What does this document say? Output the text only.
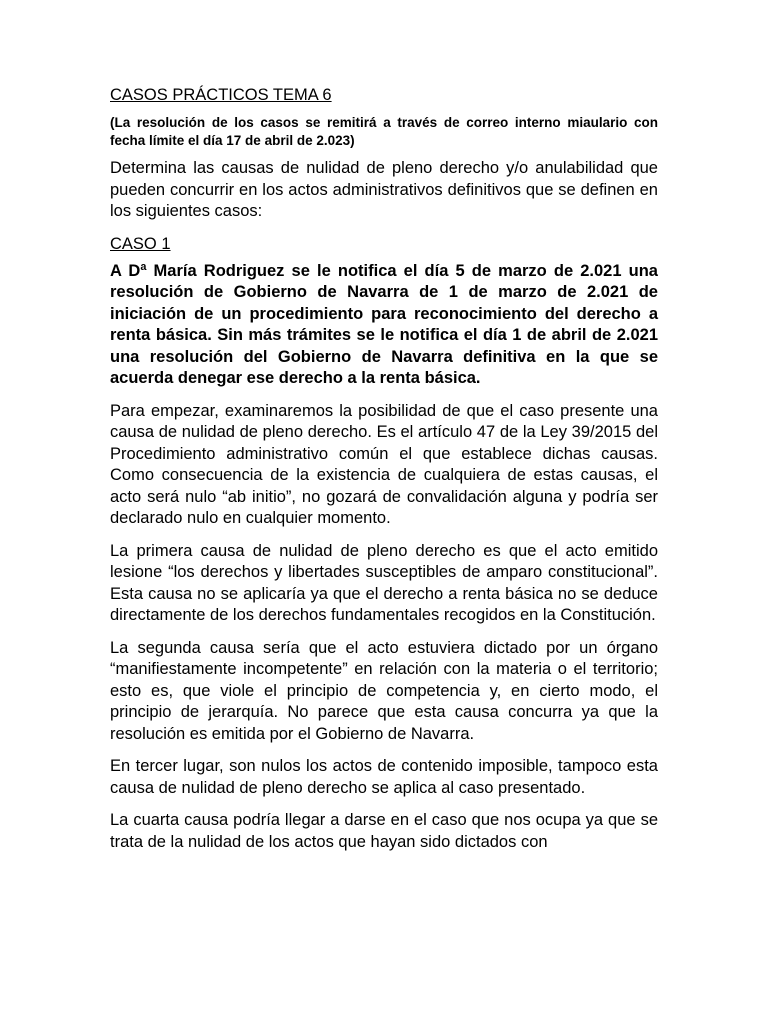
CASOS PRÁCTICOS TEMA 6
(La resolución de los casos se remitirá a través de correo interno miaulario con fecha límite el día 17 de abril de 2.023)
Determina las causas de nulidad de pleno derecho y/o anulabilidad que pueden concurrir en los actos administrativos definitivos que se definen en los siguientes casos:
CASO 1
A Dª María Rodriguez se le notifica el día 5 de marzo de 2.021 una resolución de Gobierno de Navarra de 1 de marzo de 2.021 de iniciación de un procedimiento para reconocimiento del derecho a renta básica. Sin más trámites se le notifica el día 1 de abril de 2.021 una resolución del Gobierno de Navarra definitiva en la que se acuerda denegar ese derecho a la renta básica.
Para empezar, examinaremos la posibilidad de que el caso presente una causa de nulidad de pleno derecho. Es el artículo 47 de la Ley 39/2015 del Procedimiento administrativo común el que establece dichas causas. Como consecuencia de la existencia de cualquiera de estas causas, el acto será nulo “ab initio”, no gozará de convalidación alguna y podría ser declarado nulo en cualquier momento.
La primera causa de nulidad de pleno derecho es que el acto emitido lesione “los derechos y libertades susceptibles de amparo constitucional”. Esta causa no se aplicaría ya que el derecho a renta básica no se deduce directamente de los derechos fundamentales recogidos en la Constitución.
La segunda causa sería que el acto estuviera dictado por un órgano “manifiestamente incompetente” en relación con la materia o el territorio; esto es, que viole el principio de competencia y, en cierto modo, el principio de jerarquía. No parece que esta causa concurra ya que la resolución es emitida por el Gobierno de Navarra.
En tercer lugar, son nulos los actos de contenido imposible, tampoco esta causa de nulidad de pleno derecho se aplica al caso presentado.
La cuarta causa podría llegar a darse en el caso que nos ocupa ya que se trata de la nulidad de los actos que hayan sido dictados con
